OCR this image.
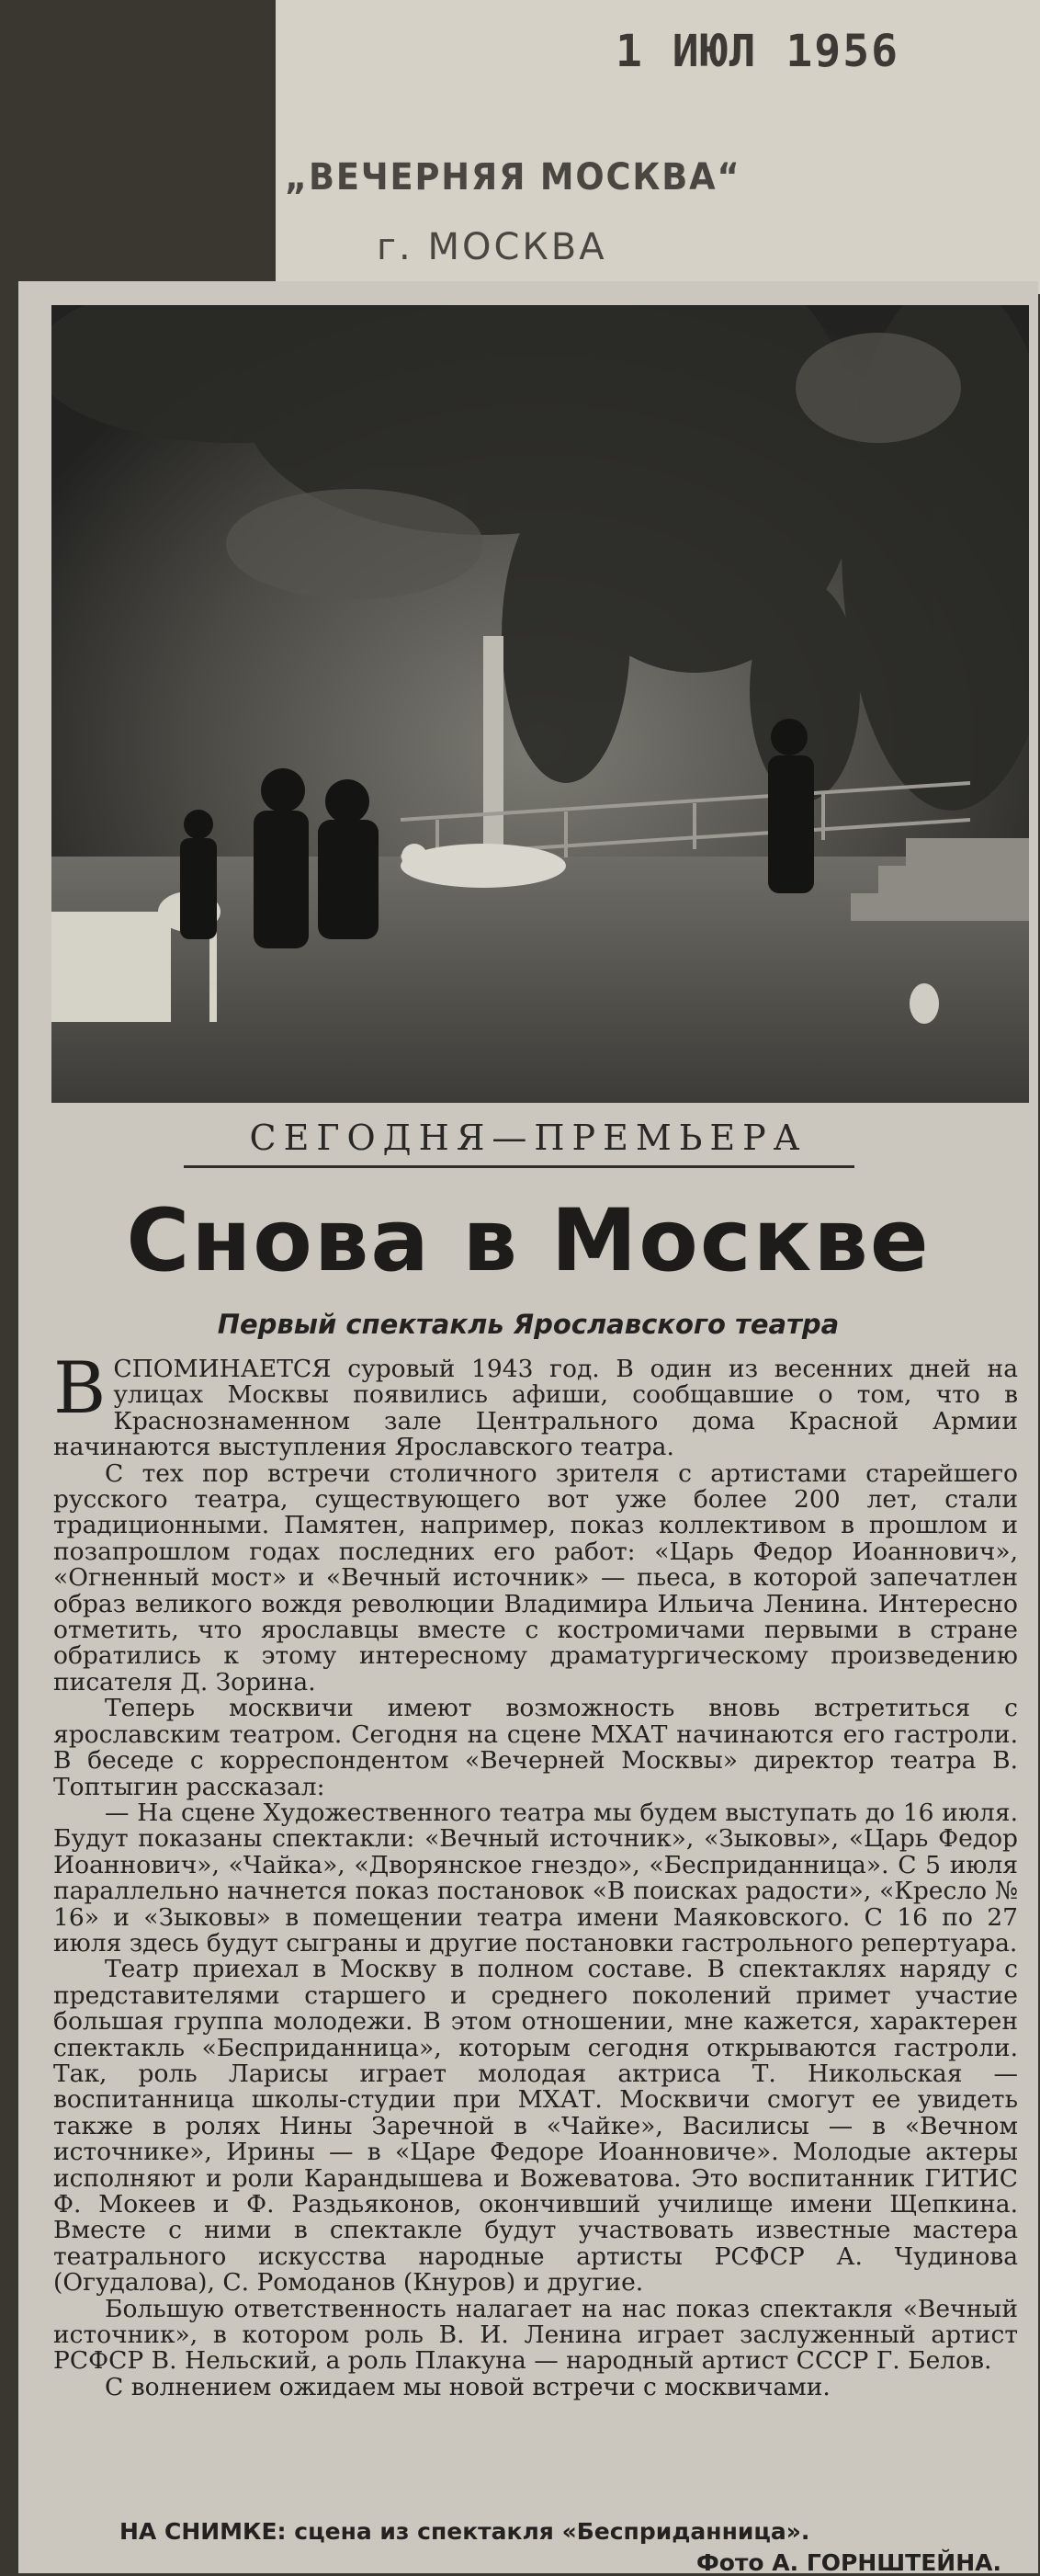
1 ИЮЛ 1956
„ВЕЧЕРНЯЯ МОСКВА“
г. МОСКВА
СЕГОДНЯ—ПРЕМЬЕРА
Снова в Москве
Первый спектакль Ярославского театра

ВСПОМИНАЕТСЯ суровый 1943 год. В один из весенних дней на улицах Москвы появились афиши, сообщавшие о том, что в Краснознаменном зале Центрального дома Красной Армии начинаются выступления Ярославского театра.

С тех пор встречи столичного зрителя с артистами старейшего русского театра, существующего вот уже более 200 лет, стали традиционными. Памятен, например, показ коллективом в прошлом и позапрошлом годах последних его работ: «Царь Федор Иоаннович», «Огненный мост» и «Вечный источник» — пьеса, в которой запечатлен образ великого вождя революции Владимира Ильича Ленина. Интересно отметить, что ярославцы вместе с костромичами первыми в стране обратились к этому интересному драматургическому произведению писателя Д. Зорина.

Теперь москвичи имеют возможность вновь встретиться с ярославским театром. Сегодня на сцене МХАТ начинаются его гастроли. В беседе с корреспондентом «Вечерней Москвы» директор театра В. Топтыгин рассказал:

— На сцене Художественного театра мы будем выступать до 16 июля. Будут показаны спектакли: «Вечный источник», «Зыковы», «Царь Федор Иоаннович», «Чайка», «Дворянское гнездо», «Бесприданница». С 5 июля параллельно начнется показ постановок «В поисках радости», «Кресло № 16» и «Зыковы» в помещении театра имени Маяковского. С 16 по 27 июля здесь будут сыграны и другие постановки гастрольного репертуара.

Театр приехал в Москву в полном составе. В спектаклях наряду с представителями старшего и среднего поколений примет участие большая группа молодежи. В этом отношении, мне кажется, характерен спектакль «Бесприданница», которым сегодня открываются гастроли. Так, роль Ларисы играет молодая актриса Т. Никольская — воспитанница школы-студии при МХАТ. Москвичи смогут ее увидеть также в ролях Нины Заречной в «Чайке», Василисы — в «Вечном источнике», Ирины — в «Царе Федоре Иоанновиче». Молодые актеры исполняют и роли Карандышева и Вожеватова. Это воспитанник ГИТИС Ф. Мокеев и Ф. Раздьяконов, окончивший училище имени Щепкина. Вместе с ними в спектакле будут участвовать известные мастера театрального искусства народные артисты РСФСР А. Чудинова (Огудалова), С. Ромоданов (Кнуров) и другие.

Большую ответственность налагает на нас показ спектакля «Вечный источник», в котором роль В. И. Ленина играет заслуженный артист РСФСР В. Нельский, а роль Плакуна — народный артист СССР Г. Белов.

С волнением ожидаем мы новой встречи с москвичами.

НА СНИМКЕ: сцена из спектакля «Бесприданница».
Фото А. ГОРНШТЕЙНА.
